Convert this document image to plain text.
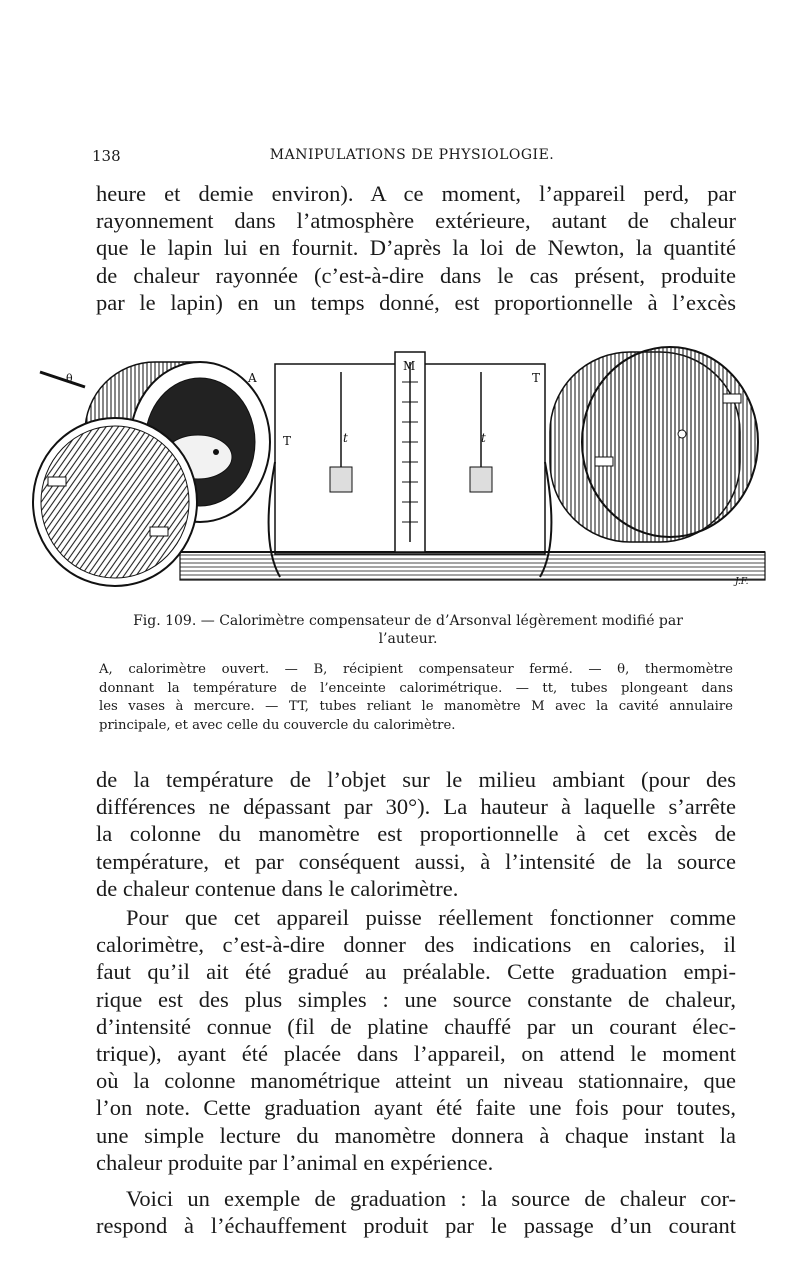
138	MANIPULATIONS DE PHYSIOLOGIE.

heure et demie environ). A ce moment, l’appareil perd, par
rayonnement dans l’atmosphère extérieure, autant de chaleur
que le lapin lui en fournit. D’après la loi de Newton, la quantité
de chaleur rayonnée (c’est-à-dire dans le cas présent, produite
par le lapin) en un temps donné, est proportionnelle à l’excès

A
T	t
M
t
T
θ
J.F.
Fig. 109. — Calorimètre compensateur de d’Arsonval légèrement modifié par l’auteur.
A, calorimètre ouvert. — B, récipient compensateur fermé. — θ, thermomètre
donnant la température de l’enceinte calorimétrique. — tt, tubes plongeant dans
les vases à mercure. — TT, tubes reliant le manomètre M avec la cavité annulaire
principale, et avec celle du couvercle du calorimètre.

de la température de l’objet sur le milieu ambiant (pour des
différences ne dépassant par 30°). La hauteur à laquelle s’arrête
la colonne du manomètre est proportionnelle à cet excès de
température, et par conséquent aussi, à l’intensité de la source
de chaleur contenue dans le calorimètre.

Pour que cet appareil puisse réellement fonctionner comme
calorimètre, c’est-à-dire donner des indications en calories, il
faut qu’il ait été gradué au préalable. Cette graduation empi-
rique est des plus simples : une source constante de chaleur,
d’intensité connue (fil de platine chauffé par un courant élec-
trique), ayant été placée dans l’appareil, on attend le moment
où la colonne manométrique atteint un niveau stationnaire, que
l’on note. Cette graduation ayant été faite une fois pour toutes,
une simple lecture du manomètre donnera à chaque instant la
chaleur produite par l’animal en expérience.

Voici un exemple de graduation : la source de chaleur cor-
respond à l’échauffement produit par le passage d’un courant
